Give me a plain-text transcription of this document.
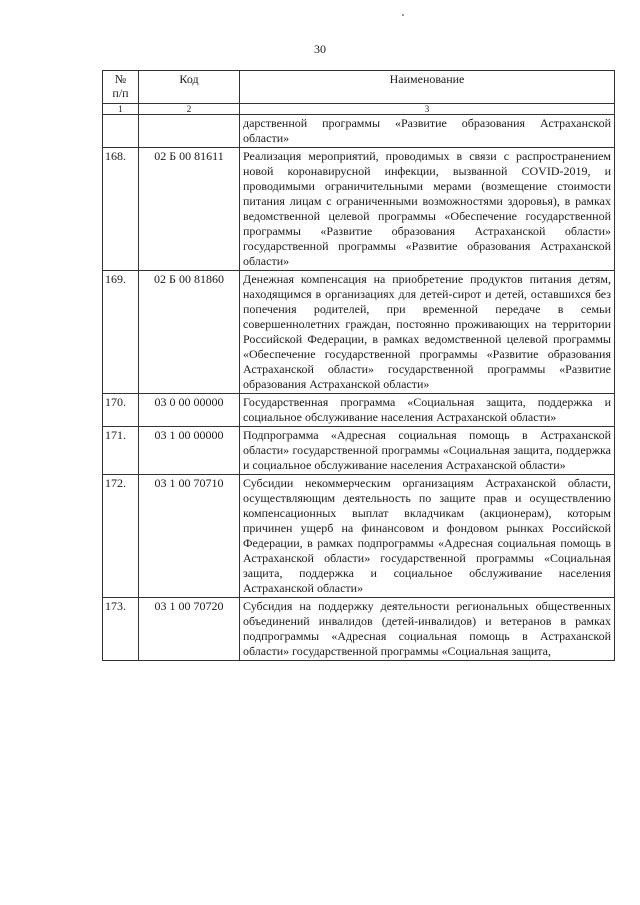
30
№
п/п	Код	Наименование
1	2	3
		дарственной программы «Развитие образования Астраханской области»
168.	02 Б 00 81611	Реализация мероприятий, проводимых в связи с распространением новой коронавирусной инфекции, вызванной COVID-2019, и проводимыми ограничительными мерами (возмещение стоимости питания лицам с ограниченными возможностями здоровья), в рамках ведомственной целевой программы «Обеспечение государственной программы «Развитие образования Астраханской области» государственной программы «Развитие образования Астраханской области»
169.	02 Б 00 81860	Денежная компенсация на приобретение продуктов питания детям, находящимся в организациях для детей-сирот и детей, оставшихся без попечения родителей, при временной передаче в семьи совершеннолетних граждан, постоянно проживающих на территории Российской Федерации, в рамках ведомственной целевой программы «Обеспечение государственной программы «Развитие образования Астраханской области» государственной программы «Развитие образования Астраханской области»
170.	03 0 00 00000	Государственная программа «Социальная защита, поддержка и социальное обслуживание населения Астраханской области»
171.	03 1 00 00000	Подпрограмма «Адресная социальная помощь в Астраханской области» государственной программы «Социальная защита, поддержка и социальное обслуживание населения Астраханской области»
172.	03 1 00 70710	Субсидии некоммерческим организациям Астраханской области, осуществляющим деятельность по защите прав и осуществлению компенсационных выплат вкладчикам (акционерам), которым причинен ущерб на финансовом и фондовом рынках Российской Федерации, в рамках подпрограммы «Адресная социальная помощь в Астраханской области» государственной программы «Социальная защита, поддержка и социальное обслуживание населения Астраханской области»
173.	03 1 00 70720	Субсидия на поддержку деятельности региональных общественных объединений инвалидов (детей-инвалидов) и ветеранов в рамках подпрограммы «Адресная социальная помощь в Астраханской области» государственной программы «Социальная защита,
